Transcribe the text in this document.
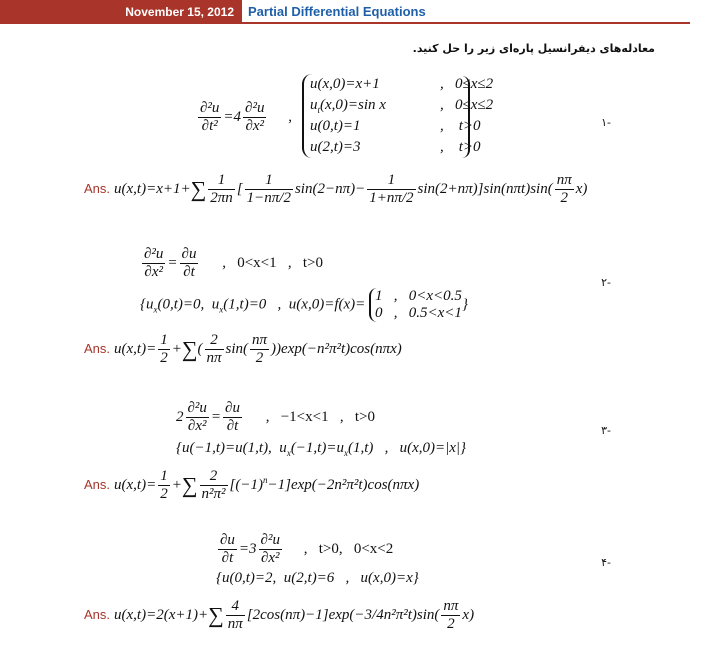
November 15, 2012	Partial Differential Equations
معادله‌های دیفرانسیل پاره‌ای زیر را حل کنید.
-۱
$\frac{\text{∂²u}}{\text{∂t²}} =4 \frac{\text{∂²u}}{\text{∂x²}}$ ,
u(x,0)=x+1	,   0≤x≤2
$u_t(x,0)=\sin$ x	,   0≤x≤2
u(0,t)=1	,    t>0
u(2,t)=3	,    t>0
Ans. $u(x,t)=x+1+\sum \frac{1}{2\pi n}$ [ $\frac{1}{1-n\pi/2} \sin(2-n\pi)- \frac{1}{1+n\pi/2} \sin(2+n\pi)]\sin(n\pi t)\sin( \frac{n\pi}{2} x)$
-۲
$\frac{\text{∂²u}}{\text{∂x²}} = \frac{\partial u}{\partial t}$ ,   0<x<1   ,   t>0
{$u_x(0,t)=0$,  $u_x(1,t)=0$   ,  u(x,0)=f(x)=
1   ,   0<x<0.5
0   ,   0.5<x<1
}
Ans. $u(x,t)= \frac{1}{2}$ +∑( $\frac{2}{n\pi} \sin( \frac{n\pi}{2} ))\exp(-n^2\pi^2t)\cos(n\pi x)$
-۳
$2 \frac{\text{∂²u}}{\text{∂x²}} = \frac{\partial u}{\partial t}$ ,   −1<x<1   ,   t>0
{u(−1,t)=u(1,t),  $u_x(-1,t)=u_x(1,t)$   ,   u(x,0)=|x|}
Ans. $u(x,t)= \frac{1}{2}$ +∑ $\frac{2}{\text{n²π²}} [(-1)^n-1]\exp(-2n^2\pi^2t)\cos(n\pi x)$
-۴
$\frac{\partial u}{\partial t} =3 \frac{\text{∂²u}}{\text{∂x²}}$ ,   t>0,   0<x<2
{u(0,t)=2,  u(2,t)=6   ,   u(x,0)=x}
Ans. $u(x,t)=2(x+1)+\sum \frac{4}{n\pi} [2\cos(n\pi)-1]\exp(-3/4n^2\pi^2t)\sin( \frac{n\pi}{2} x)$
